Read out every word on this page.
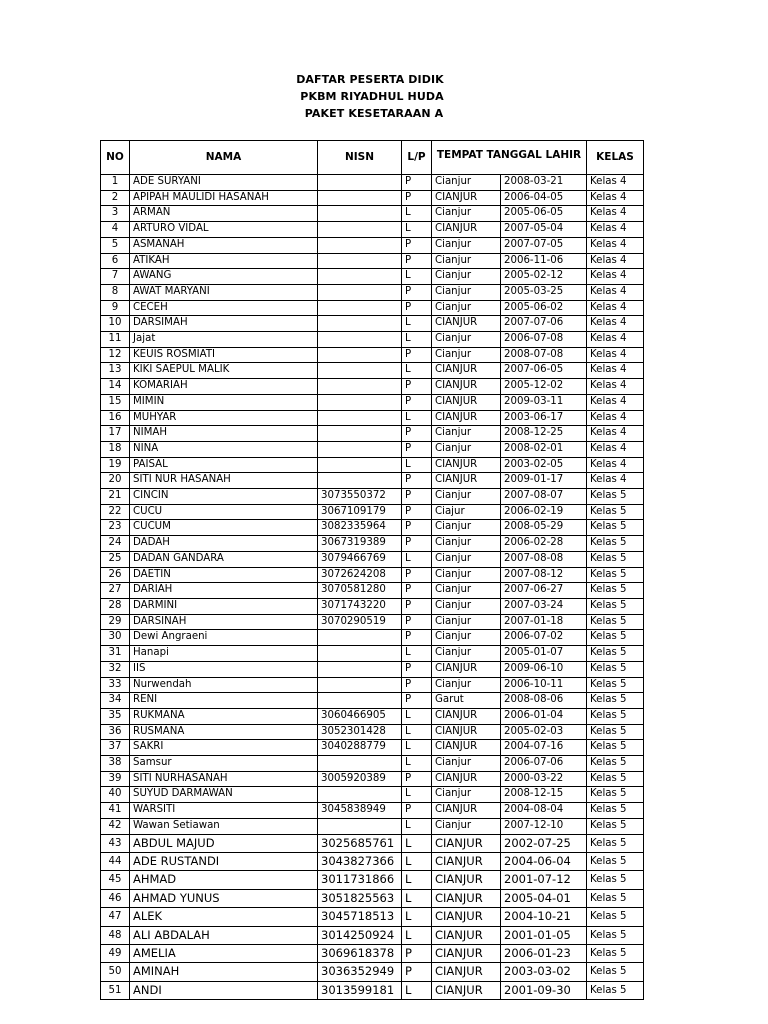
DAFTAR PESERTA DIDIK
PKBM RIYADHUL HUDA
PAKET KESETARAAN A
NO	NAMA	NISN	L/P	TEMPAT TANGGAL LAHIR		KELAS
1	ADE SURYANI		P	Cianjur	2008-03-21	Kelas 4
2	APIPAH MAULIDI HASANAH		P	CIANJUR	2006-04-05	Kelas 4
3	ARMAN		L	Cianjur	2005-06-05	Kelas 4
4	ARTURO VIDAL		L	CIANJUR	2007-05-04	Kelas 4
5	ASMANAH		P	Cianjur	2007-07-05	Kelas 4
6	ATIKAH		P	Cianjur	2006-11-06	Kelas 4
7	AWANG		L	Cianjur	2005-02-12	Kelas 4
8	AWAT MARYANI		P	Cianjur	2005-03-25	Kelas 4
9	CECEH		P	Cianjur	2005-06-02	Kelas 4
10	DARSIMAH		L	CIANJUR	2007-07-06	Kelas 4
11	Jajat		L	Cianjur	2006-07-08	Kelas 4
12	KEUIS ROSMIATI		P	Cianjur	2008-07-08	Kelas 4
13	KIKI SAEPUL MALIK		L	CIANJUR	2007-06-05	Kelas 4
14	KOMARIAH		P	CIANJUR	2005-12-02	Kelas 4
15	MIMIN		P	CIANJUR	2009-03-11	Kelas 4
16	MUHYAR		L	CIANJUR	2003-06-17	Kelas 4
17	NIMAH		P	Cianjur	2008-12-25	Kelas 4
18	NINA		P	Cianjur	2008-02-01	Kelas 4
19	PAISAL		L	CIANJUR	2003-02-05	Kelas 4
20	SITI NUR HASANAH		P	CIANJUR	2009-01-17	Kelas 4
21	CINCIN	3073550372	P	Cianjur	2007-08-07	Kelas 5
22	CUCU	3067109179	P	Ciajur	2006-02-19	Kelas 5
23	CUCUM	3082335964	P	Cianjur	2008-05-29	Kelas 5
24	DADAH	3067319389	P	Cianjur	2006-02-28	Kelas 5
25	DADAN GANDARA	3079466769	L	Cianjur	2007-08-08	Kelas 5
26	DAETIN	3072624208	P	Cianjur	2007-08-12	Kelas 5
27	DARIAH	3070581280	P	Cianjur	2007-06-27	Kelas 5
28	DARMINI	3071743220	P	Cianjur	2007-03-24	Kelas 5
29	DARSINAH	3070290519	P	Cianjur	2007-01-18	Kelas 5
30	Dewi Angraeni		P	Cianjur	2006-07-02	Kelas 5
31	Hanapi		L	Cianjur	2005-01-07	Kelas 5
32	IIS		P	CIANJUR	2009-06-10	Kelas 5
33	Nurwendah		P	Cianjur	2006-10-11	Kelas 5
34	RENI		P	Garut	2008-08-06	Kelas 5
35	RUKMANA	3060466905	L	CIANJUR	2006-01-04	Kelas 5
36	RUSMANA	3052301428	L	CIANJUR	2005-02-03	Kelas 5
37	SAKRI	3040288779	L	CIANJUR	2004-07-16	Kelas 5
38	Samsur		L	Cianjur	2006-07-06	Kelas 5
39	SITI NURHASANAH	3005920389	P	CIANJUR	2000-03-22	Kelas 5
40	SUYUD DARMAWAN		L	Cianjur	2008-12-15	Kelas 5
41	WARSITI	3045838949	P	CIANJUR	2004-08-04	Kelas 5
42	Wawan Setiawan		L	Cianjur	2007-12-10	Kelas 5
43	ABDUL MAJUD	3025685761	L	CIANJUR	2002-07-25	Kelas 5
44	ADE RUSTANDI	3043827366	L	CIANJUR	2004-06-04	Kelas 5
45	AHMAD	3011731866	L	CIANJUR	2001-07-12	Kelas 5
46	AHMAD YUNUS	3051825563	L	CIANJUR	2005-04-01	Kelas 5
47	ALEK	3045718513	L	CIANJUR	2004-10-21	Kelas 5
48	ALI ABDALAH	3014250924	L	CIANJUR	2001-01-05	Kelas 5
49	AMELIA	3069618378	P	CIANJUR	2006-01-23	Kelas 5
50	AMINAH	3036352949	P	CIANJUR	2003-03-02	Kelas 5
51	ANDI	3013599181	L	CIANJUR	2001-09-30	Kelas 5
